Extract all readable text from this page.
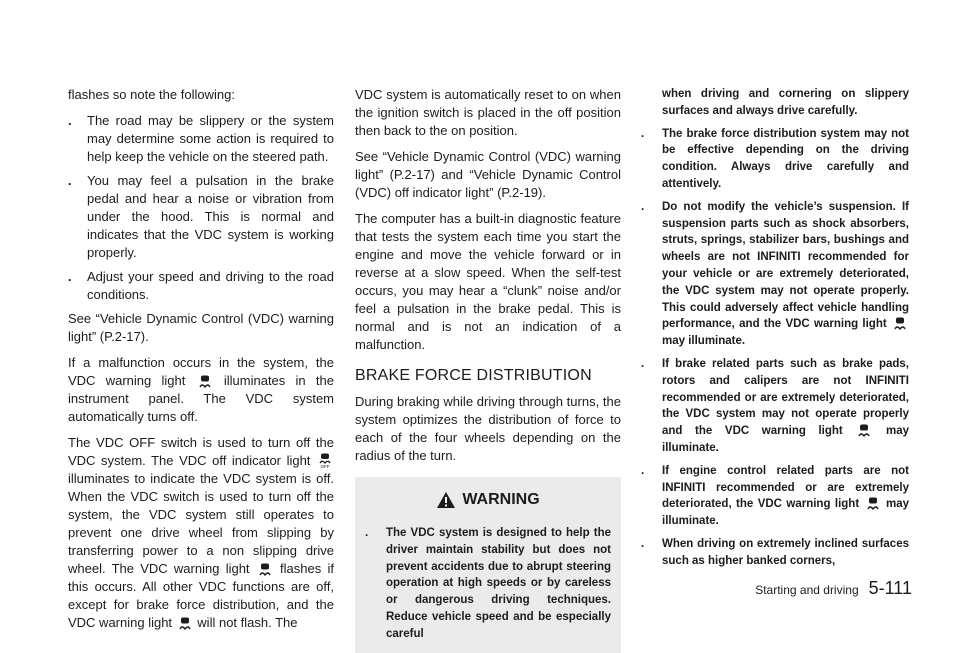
flashes so note the following:

. The road may be slippery or the system may determine some action is required to help keep the vehicle on the steered path.
. You may feel a pulsation in the brake pedal and hear a noise or vibration from under the hood. This is normal and indicates that the VDC system is working properly.
. Adjust your speed and driving to the road conditions.

See “Vehicle Dynamic Control (VDC) warning light” (P.2-17).

If a malfunction occurs in the system, the VDC warning light	illuminates in the instrument panel. The VDC system automatically turns off.

The VDC OFF switch is used to turn off the VDC system. The VDC off indicator light OFF
illuminates to indicate the VDC system is off. When the VDC switch is used to turn off the system, the VDC system still operates to prevent one drive wheel from slipping by transferring power to a non slipping drive wheel. The VDC warning light flashes if this occurs. All other VDC functions are off, except for brake force distribution, and the VDC warning light will not flash. The

VDC system is automatically reset to on when the ignition switch is placed in the off position then back to the on position.

See “Vehicle Dynamic Control (VDC) warning light” (P.2-17) and “Vehicle Dynamic Control (VDC) off indicator light” (P.2-19).

The computer has a built-in diagnostic feature that tests the system each time you start the engine and move the vehicle forward or in reverse at a slow speed. When the self-test occurs, you may hear a “clunk” noise and/or feel a pulsation in the brake pedal. This is normal and is not an indication of a malfunction.

BRAKE FORCE DISTRIBUTION

During braking while driving through turns, the system optimizes the distribution of force to each of the four wheels depending on the radius of the turn.

WARNING
. The VDC system is designed to help the driver maintain stability but does not prevent accidents due to abrupt steering operation at high speeds or by careless or dangerous driving techniques. Reduce vehicle speed and be especially careful
when driving and cornering on slippery surfaces and always drive carefully.
. The brake force distribution system may not be effective depending on the driving condition. Always drive carefully and attentively.
. Do not modify the vehicle’s suspension. If suspension parts such as shock absorbers, struts, springs, stabilizer bars, bushings and wheels are not INFINITI recommended for your vehicle or are extremely deteriorated, the VDC system may not operate properly. This could adversely affect vehicle handling performance, and the VDC warning light  may illuminate.
. If brake related parts such as brake pads, rotors and calipers are not INFINITI recommended or are extremely deteriorated, the VDC system may not operate properly and the VDC warning light	may illuminate.
. If engine control related parts are not INFINITI recommended or are extremely deteriorated, the VDC warning light may illuminate.
. When driving on extremely inclined surfaces such as higher banked corners,
Starting and driving 5-111
